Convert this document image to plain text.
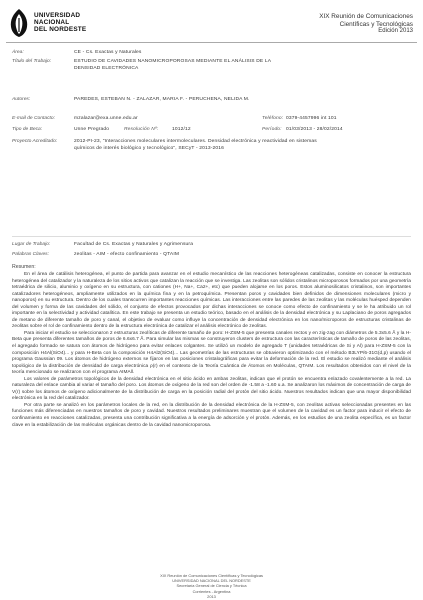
UNIVERSIDAD
NACIONAL
DEL NORDESTE
XIX Reunión de Comunicaciones
Científicas y Tecnológicas
Edición 2013
Área:	CE - Cs. Exactas y Naturales
Título del Trabajo:	ESTUDIO DE CAVIDADES NANOMICROPOROSAS MEDIANTE EL ANÁLISIS DE LA
DENSIDAD ELECTRÓNICA
Autores:	PAREDES, ESTEBAN N. - ZALAZAR, MARIA F. - PERUCHENA, NELIDA M.
E-mail de Contacto:	mzalazar@exa.unne.edu.ar	Teléfono: 0379-4457996 int 101
Tipo de Beca:	Unne Pregrado	Resolución Nº:	1012/12	Período: 01/03/2013 - 28/02/2014
Proyecto Acreditado:	2012-PI-23, "Interacciones moleculares intermoleculares. Densidad electrónica y reactividad en sistemas
químicos de interés biológico y tecnológico", SECyT - 2013-2016
Lugar de Trabajo:	Facultad de Cs. Exactas y Naturales y Agrimensura
Palabras Claves:	zeolitas - AIM - efecto confinamiento - QTAIM
Resumen:

En el área de catálisis heterogénea, el punto de partida para avanzar en el estudio mecanístico de las reacciones heterogéneas catalizadas, consiste en conocer la estructura heterogénea del catalizador y la naturaleza de los sitios activos que catalizan la reacción que se investiga. Las zeolitas son sólidos cristalinos microporosos formados por una geometría tetraédrica de silicio, aluminio y oxígeno en su estructura, con cationes (H+, Na+, Ca2+, etc) que pueden alojarse en los poros. Estos aluminosilicatos cristalinos, son importantes catalizadores heterogéneos, ampliamente utilizados en la química fina y en la petroquímica. Presentan poros y cavidades bien definidos de dimensiones moleculares (micro y nanoporos) en su estructura. Dentro de los cuales transcurren importantes reacciones químicas. Las interacciones entre las paredes de las zeolitas y las moléculas huésped dependen del volumen y forma de las cavidades del sólido, el conjunto de efectos provocados por dichas interacciones se conoce como efecto de confinamiento y se le ha atribuido un rol importante en la selectividad y actividad catalítica. En este trabajo se presenta un estudio teórico, basado en el análisis de la densidad electrónica y su Laplaciano de poros agregados de metano de diferente tamaño de poro y canal, el objetivo de evaluar como influye la concentración de densidad electrónica en los nano/microporos de estructuras cristalinas de zeolitas sobre el rol de confinamiento dentro de la estructura electrónica de catalizar el análisis electrónico de zeolitas.

Para iniciar el estudio se seleccionaron 2 estructuras zeolíticas de diferente tamaño de poro: H-ZSM-5 que presenta canales rectos y en zig-zag con diámetros de 5.3x5.6 Å y la H-Beta que presenta diferentes tamaños de poros de 6.6x6.7 Å. Para simular las mismas se construyeron clusters de estructura con las características de tamaño de poros de las zeolitas, el agregado formado se satura con átomos de hidrógeno para evitar enlaces colgantes. Se utilizó un modelo de agregado T (unidades tetraédricas de Si y Al) para H-ZSM-5 con la composición H4Al(SiO4)... y para H-Beta con la composición H4Al2(SiO4)... Las geometrías de las estructuras se obtuvieron optimizando con el método B3LYP/6-31G(d,p) usando el programa Gaussian 09. Los átomos de hidrógeno externos se fijaron en las posiciones cristalográficas para evitar la deformación de la red. El estudio se realizó mediante el análisis topológico de la distribución de densidad de carga electrónica ρ(r) en el contexto de la Teoría Cuántica de Átomos en Moléculas, QTAIM. Los resultados obtenidos con el nivel de la teoría mencionado se realizaron con el programa AIMAll.

Los valores de parámetros topológicos de la densidad electrónica en el sitio ácido en ambas zeolitas, indican que el protón se encuentra enlazado covalentemente a la red. La naturaleza del enlace cambia al variar el tamaño del poro. Los átomos de oxígeno de la red son del orden de -1.58 a -1.60 u.a. Se analizaron los máximos de concentración de carga de V(r) sobre los átomos de oxígeno adicionalmente de la distribución de carga en la posición radial del protón del sitio ácido. Nuestros resultados indican que una mayor disponibilidad electrónica en la red del catalizador.

Por otra parte se analizó en los parámetros locales de la red, en la distribución de la densidad electrónica de la H-ZSM-5, con zeolitas activas seleccionadas presentes en las funciones más diferenciadas en nuestros tamaños de poro y cavidad. Nuestros resultados preliminares muestran que el volumen de la cavidad es un factor para inducir el efecto de confinamiento en reacciones catalizadas, presenta una contribución significativa a la energía de adsorción y el protón. Además, en los estudios de una zeolita específica, es un factor clave en la estabilización de las moléculas orgánicas dentro de la cavidad nanomicroporosa.

XIX Reunión de Comunicaciones Científicas y Tecnológicas
UNIVERSIDAD NACIONAL DEL NORDESTE
Secretaría General de Ciencia y Técnica
Corrientes - Argentina
2013
